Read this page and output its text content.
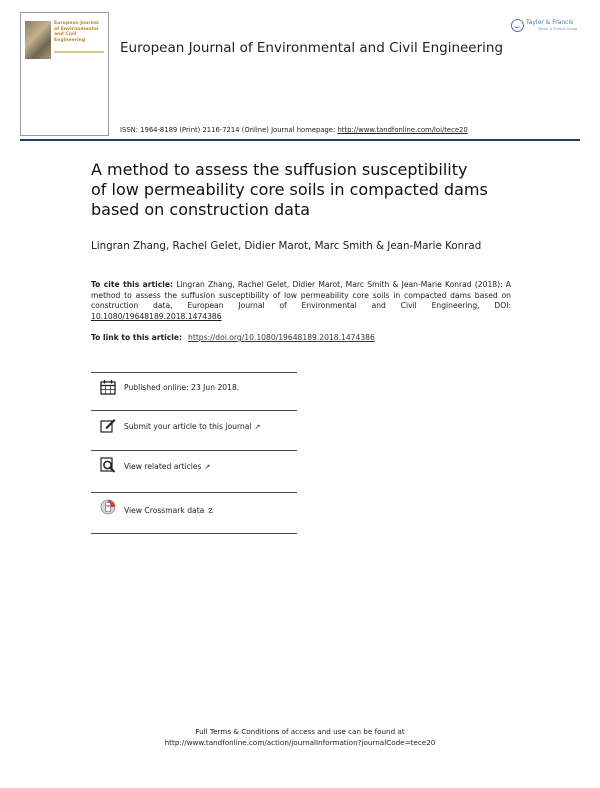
European Journal
of Environmental
and Civil Engineering	European Journal of Environmental and Civil Engineering
Taylor & Francis
Taylor & Francis Group
ISSN: 1964-8189 (Print) 2116-7214 (Online) Journal homepage: http://www.tandfonline.com/loi/tece20
A method to assess the suffusion susceptibility
of low permeability core soils in compacted dams
based on construction data
Lingran Zhang, Rachel Gelet, Didier Marot, Marc Smith & Jean-Marie Konrad
To cite this article: Lingran Zhang, Rachel Gelet, Didier Marot, Marc Smith & Jean-Marie Konrad (2018): A method to assess the suffusion susceptibility of low permeability core soils in compacted dams based on construction data, European Journal of Environmental and Civil Engineering, DOI: 10.1080/19648189.2018.1474386
To link to this article: https://doi.org/10.1080/19648189.2018.1474386
Published online: 23 Jun 2018.
Submit your article to this journal ↗
View related articles ↗
View Crossmark data ☡
Full Terms & Conditions of access and use can be found at
http://www.tandfonline.com/action/journalInformation?journalCode=tece20
